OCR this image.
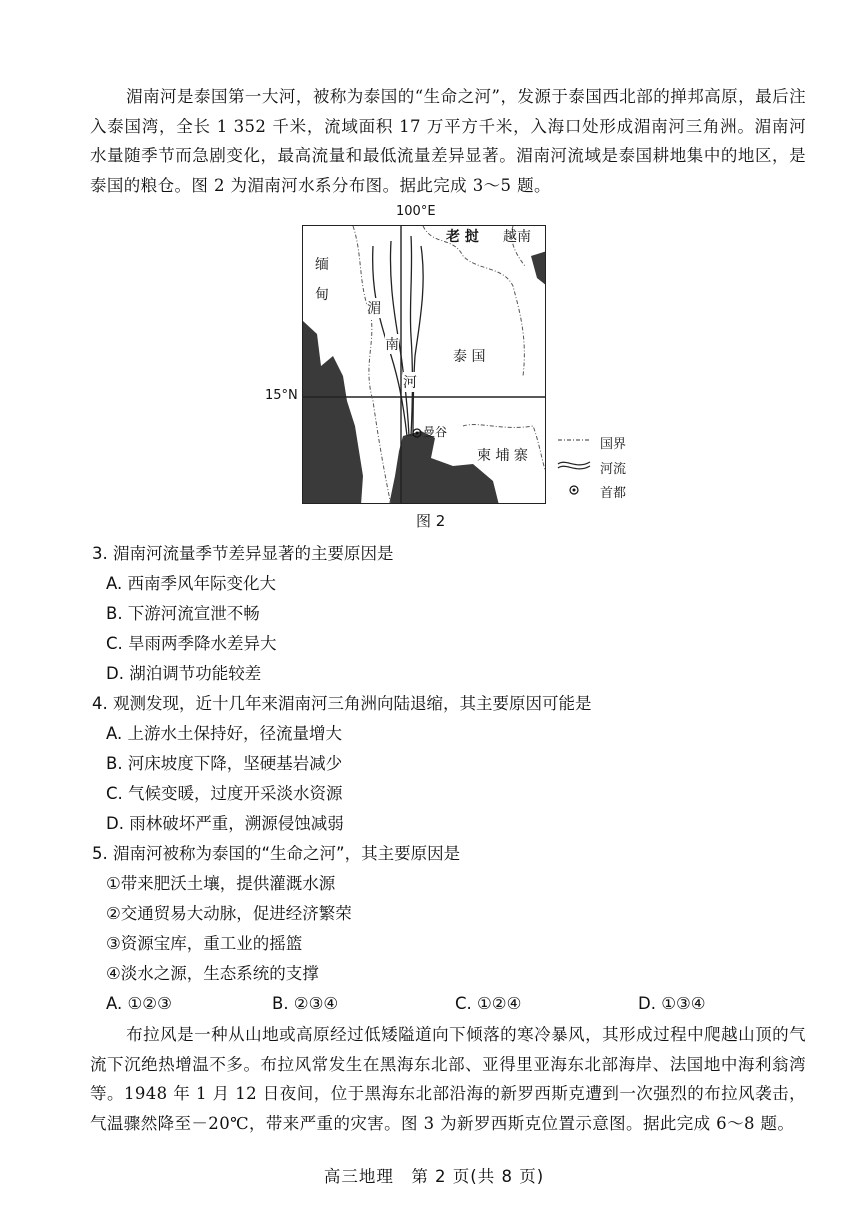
湄南河是泰国第一大河，被称为泰国的“生命之河”，发源于泰国西北部的掸邦高原，最后注入泰国湾，全长 1 352 千米，流域面积 17 万平方千米，入海口处形成湄南河三角洲。湄南河水量随季节而急剧变化，最高流量和最低流量差异显著。湄南河流域是泰国耕地集中的地区，是泰国的粮仓。图 2 为湄南河水系分布图。据此完成 3～5 题。

100°E
15°N
缅
甸
老 挝 越南
泰 国
湄
南
河
曼谷
柬 埔 寨
国界
河流
首都
图 2

3. 湄南河流量季节差异显著的主要原因是

A. 西南季风年际变化大

B. 下游河流宣泄不畅

C. 旱雨两季降水差异大

D. 湖泊调节功能较差

4. 观测发现，近十几年来湄南河三角洲向陆退缩，其主要原因可能是

A. 上游水土保持好，径流量增大

B. 河床坡度下降，坚硬基岩减少

C. 气候变暖，过度开采淡水资源

D. 雨林破坏严重，溯源侵蚀减弱

5. 湄南河被称为泰国的“生命之河”，其主要原因是

①带来肥沃土壤，提供灌溉水源

②交通贸易大动脉，促进经济繁荣

③资源宝库，重工业的摇篮

④淡水之源，生态系统的支撑

A. ①②③	B. ②③④	C. ①②④	D. ①③④

布拉风是一种从山地或高原经过低矮隘道向下倾落的寒冷暴风，其形成过程中爬越山顶的气流下沉绝热增温不多。布拉风常发生在黑海东北部、亚得里亚海东北部海岸、法国地中海利翁湾等。1948 年 1 月 12 日夜间，位于黑海东北部沿海的新罗西斯克遭到一次强烈的布拉风袭击，气温骤然降至－20℃，带来严重的灾害。图 3 为新罗西斯克位置示意图。据此完成 6～8 题。

高三地理　第 2 页(共 8 页)
